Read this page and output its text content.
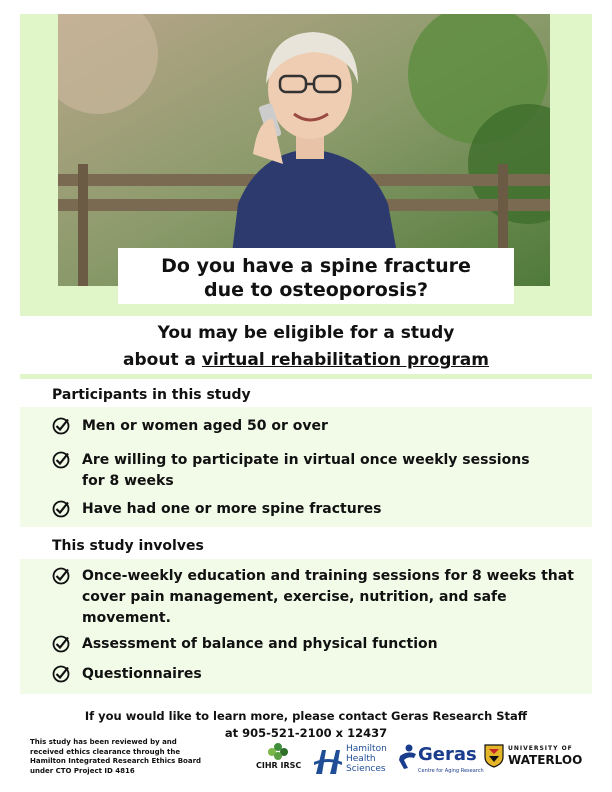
Do you have a spine fracture
due to osteoporosis?
You may be eligible for a study
about a virtual rehabilitation program
Participants in this study
Men or women aged 50 or over
Are willing to participate in virtual once weekly sessions
for 8 weeks
Have had one or more spine fractures
This study involves
Once-weekly education and training sessions for 8 weeks that
cover pain management, exercise, nutrition, and safe
movement.
Assessment of balance and physical function
Questionnaires
If you would like to learn more, please contact Geras Research Staff
at 905-521-2100 x 12437
This study has been reviewed by and
received ethics clearance through the
Hamilton Integrated Research Ethics Board
under CTO Project ID 4816
CIHR IRSC
Hamilton
Health
Sciences
Geras
Centre for Aging Research
UNIVERSITY OF
WATERLOO
